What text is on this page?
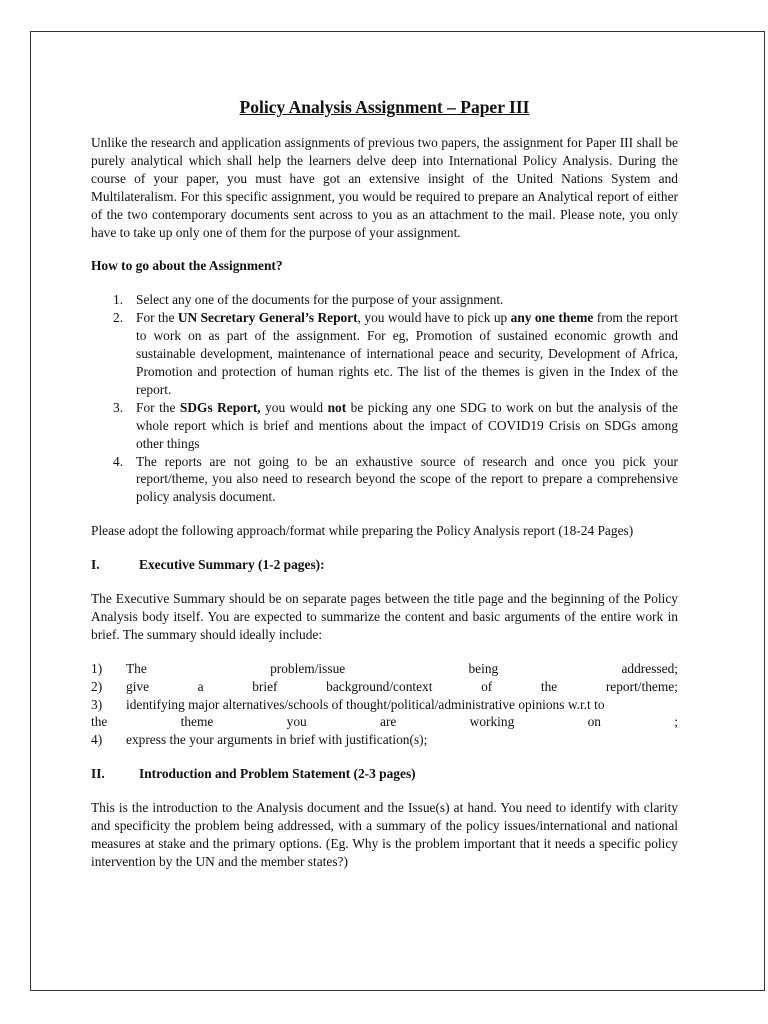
Policy Analysis Assignment – Paper III

Unlike the research and application assignments of previous two papers, the assignment for Paper III shall be purely analytical which shall help the learners delve deep into International Policy Analysis. During the course of your paper, you must have got an extensive insight of the United Nations System and Multilateralism. For this specific assignment, you would be required to prepare an Analytical report of either of the two contemporary documents sent across to you as an attachment to the mail. Please note, you only have to take up only one of them for the purpose of your assignment.

How to go about the Assignment?

1. Select any one of the documents for the purpose of your assignment.
2. For the UN Secretary General’s Report, you would have to pick up any one theme from the report to work on as part of the assignment. For eg, Promotion of sustained economic growth and sustainable development, maintenance of international peace and security, Development of Africa, Promotion and protection of human rights etc. The list of the themes is given in the Index of the report.
3. For the SDGs Report, you would not be picking any one SDG to work on but the analysis of the whole report which is brief and mentions about the impact of COVID19 Crisis on SDGs among other things
4. The reports are not going to be an exhaustive source of research and once you pick your report/theme, you also need to research beyond the scope of the report to prepare a comprehensive policy analysis document.

Please adopt the following approach/format while preparing the Policy Analysis report (18-24 Pages)

I.	Executive Summary (1-2 pages):

The Executive Summary should be on separate pages between the title page and the beginning of the Policy Analysis body itself. You are expected to summarize the content and basic arguments of the entire work in brief. The summary should ideally include:

1)	The	problem/issue	being	addressed;
2)	give	a	brief	background/context	of	the	report/theme;
3)	identifying major alternatives/schools of thought/political/administrative opinions w.r.t to
the	theme	you	are	working	on	;
4)	express the your arguments in brief with justification(s);
II.	Introduction and Problem Statement (2-3 pages)

This is the introduction to the Analysis document and the Issue(s) at hand. You need to identify with clarity and specificity the problem being addressed, with a summary of the policy issues/international and national measures at stake and the primary options. (Eg. Why is the problem important that it needs a specific policy intervention by the UN and the member states?)
